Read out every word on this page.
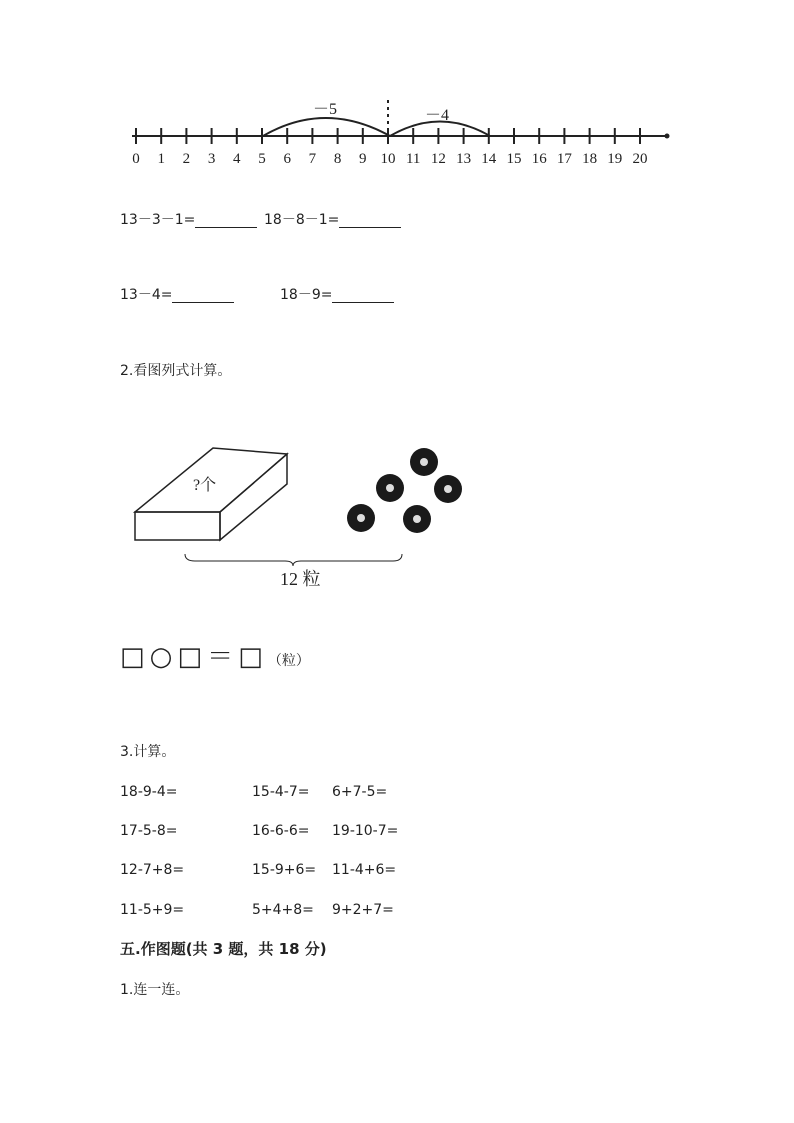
－5	－4
0 1 2 3 4 5 6 7 8 9 10 11 12 13 14 15 16 17 18 19 20
13－3－1=	18－8－1=
13－4=	18－9=
2.看图列式计算。
?个
12 粒
□ ○ □ ＝ □ （粒）
3.计算。
18-9-4=	15-4-7= 6+7-5=
17-5-8=	16-6-6= 19-10-7=
12-7+8=	15-9+6= 11-4+6=
11-5+9=	5+4+8= 9+2+7=
五.作图题(共 3 题，共 18 分)
1.连一连。
